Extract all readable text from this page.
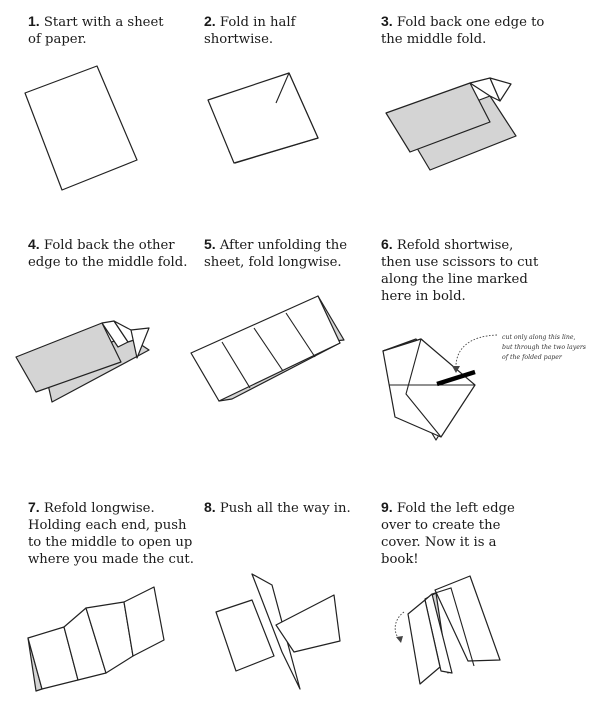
1. Start with a sheet of paper.

2. Fold in half shortwise.

3. Fold back one edge to the middle fold.

4. Fold back the other edge to the middle fold.

5. After unfolding the sheet, fold longwise.

6. Refold shortwise, then use scissors to cut along the line marked here in bold.

7. Refold longwise. Holding each end, push to the middle to open up where you made the cut.

8. Push all the way in.	9. Fold the left edge over to create the cover. Now it is a book!

cut only along this line,
but through the two layers
of the folded paper
